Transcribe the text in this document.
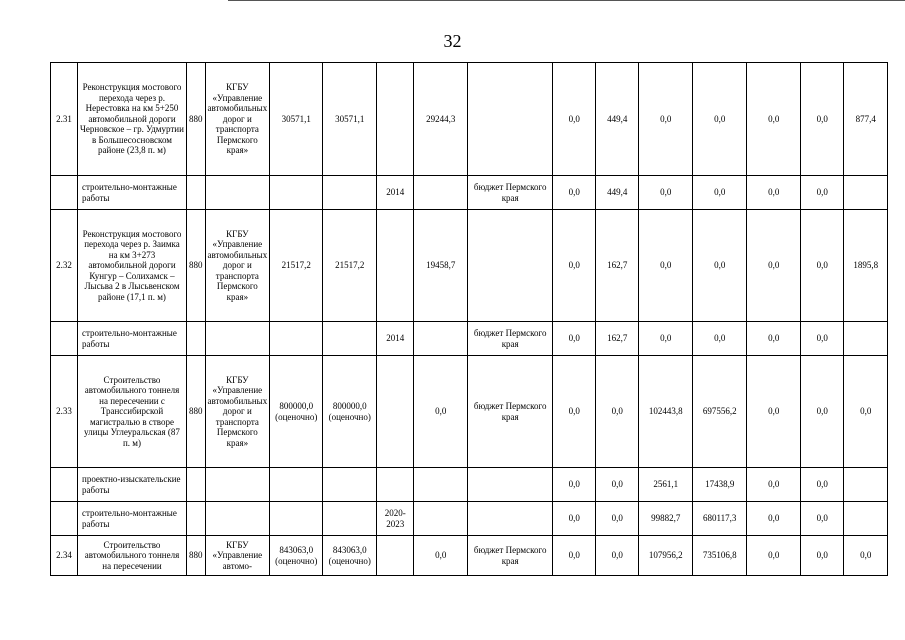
32
2.31	Реконструкция мостового перехода через р. Нерестовка на км 5+250 автомобильной дороги Черновское – гр. Удмуртии в Большесосновском районе (23,8 п. м)	880	КГБУ «Управление автомобильных дорог и транспорта Пермского края»	30571,1	30571,1		29244,3		0,0	449,4	0,0	0,0	0,0	0,0	877,4
	строительно-монтажные работы					2014		бюджет Пермского края	0,0	449,4	0,0	0,0	0,0	0,0	
2.32	Реконструкция мостового перехода через р. Заимка на км 3+273 автомобильной дороги Кунгур – Солихамск – Лысьва 2 в Лысьвенском районе (17,1 п. м)	880	КГБУ «Управление автомобильных дорог и транспорта Пермского края»	21517,2	21517,2		19458,7		0,0	162,7	0,0	0,0	0,0	0,0	1895,8
	строительно-монтажные работы					2014		бюджет Пермского края	0,0	162,7	0,0	0,0	0,0	0,0	
2.33	Строительство автомобильного тоннеля на пересечении с Транссибирской магистралью в створе улицы Углеуральская (87 п. м)	880	КГБУ «Управление автомобильных дорог и транспорта Пермского края»	800000,0 (оценочно)	800000,0 (оценочно)		0,0	бюджет Пермского края	0,0	0,0	102443,8	697556,2	0,0	0,0	0,0
	проектно-изыскательские работы								0,0	0,0	2561,1	17438,9	0,0	0,0	
	строительно-монтажные работы					2020-2023			0,0	0,0	99882,7	680117,3	0,0	0,0	
2.34	Строительство автомобильного тоннеля на пересечении	880	КГБУ «Управление автомо-	843063,0 (оценочно)	843063,0 (оценочно)		0,0	бюджет Пермского края	0,0	0,0	107956,2	735106,8	0,0	0,0	0,0
